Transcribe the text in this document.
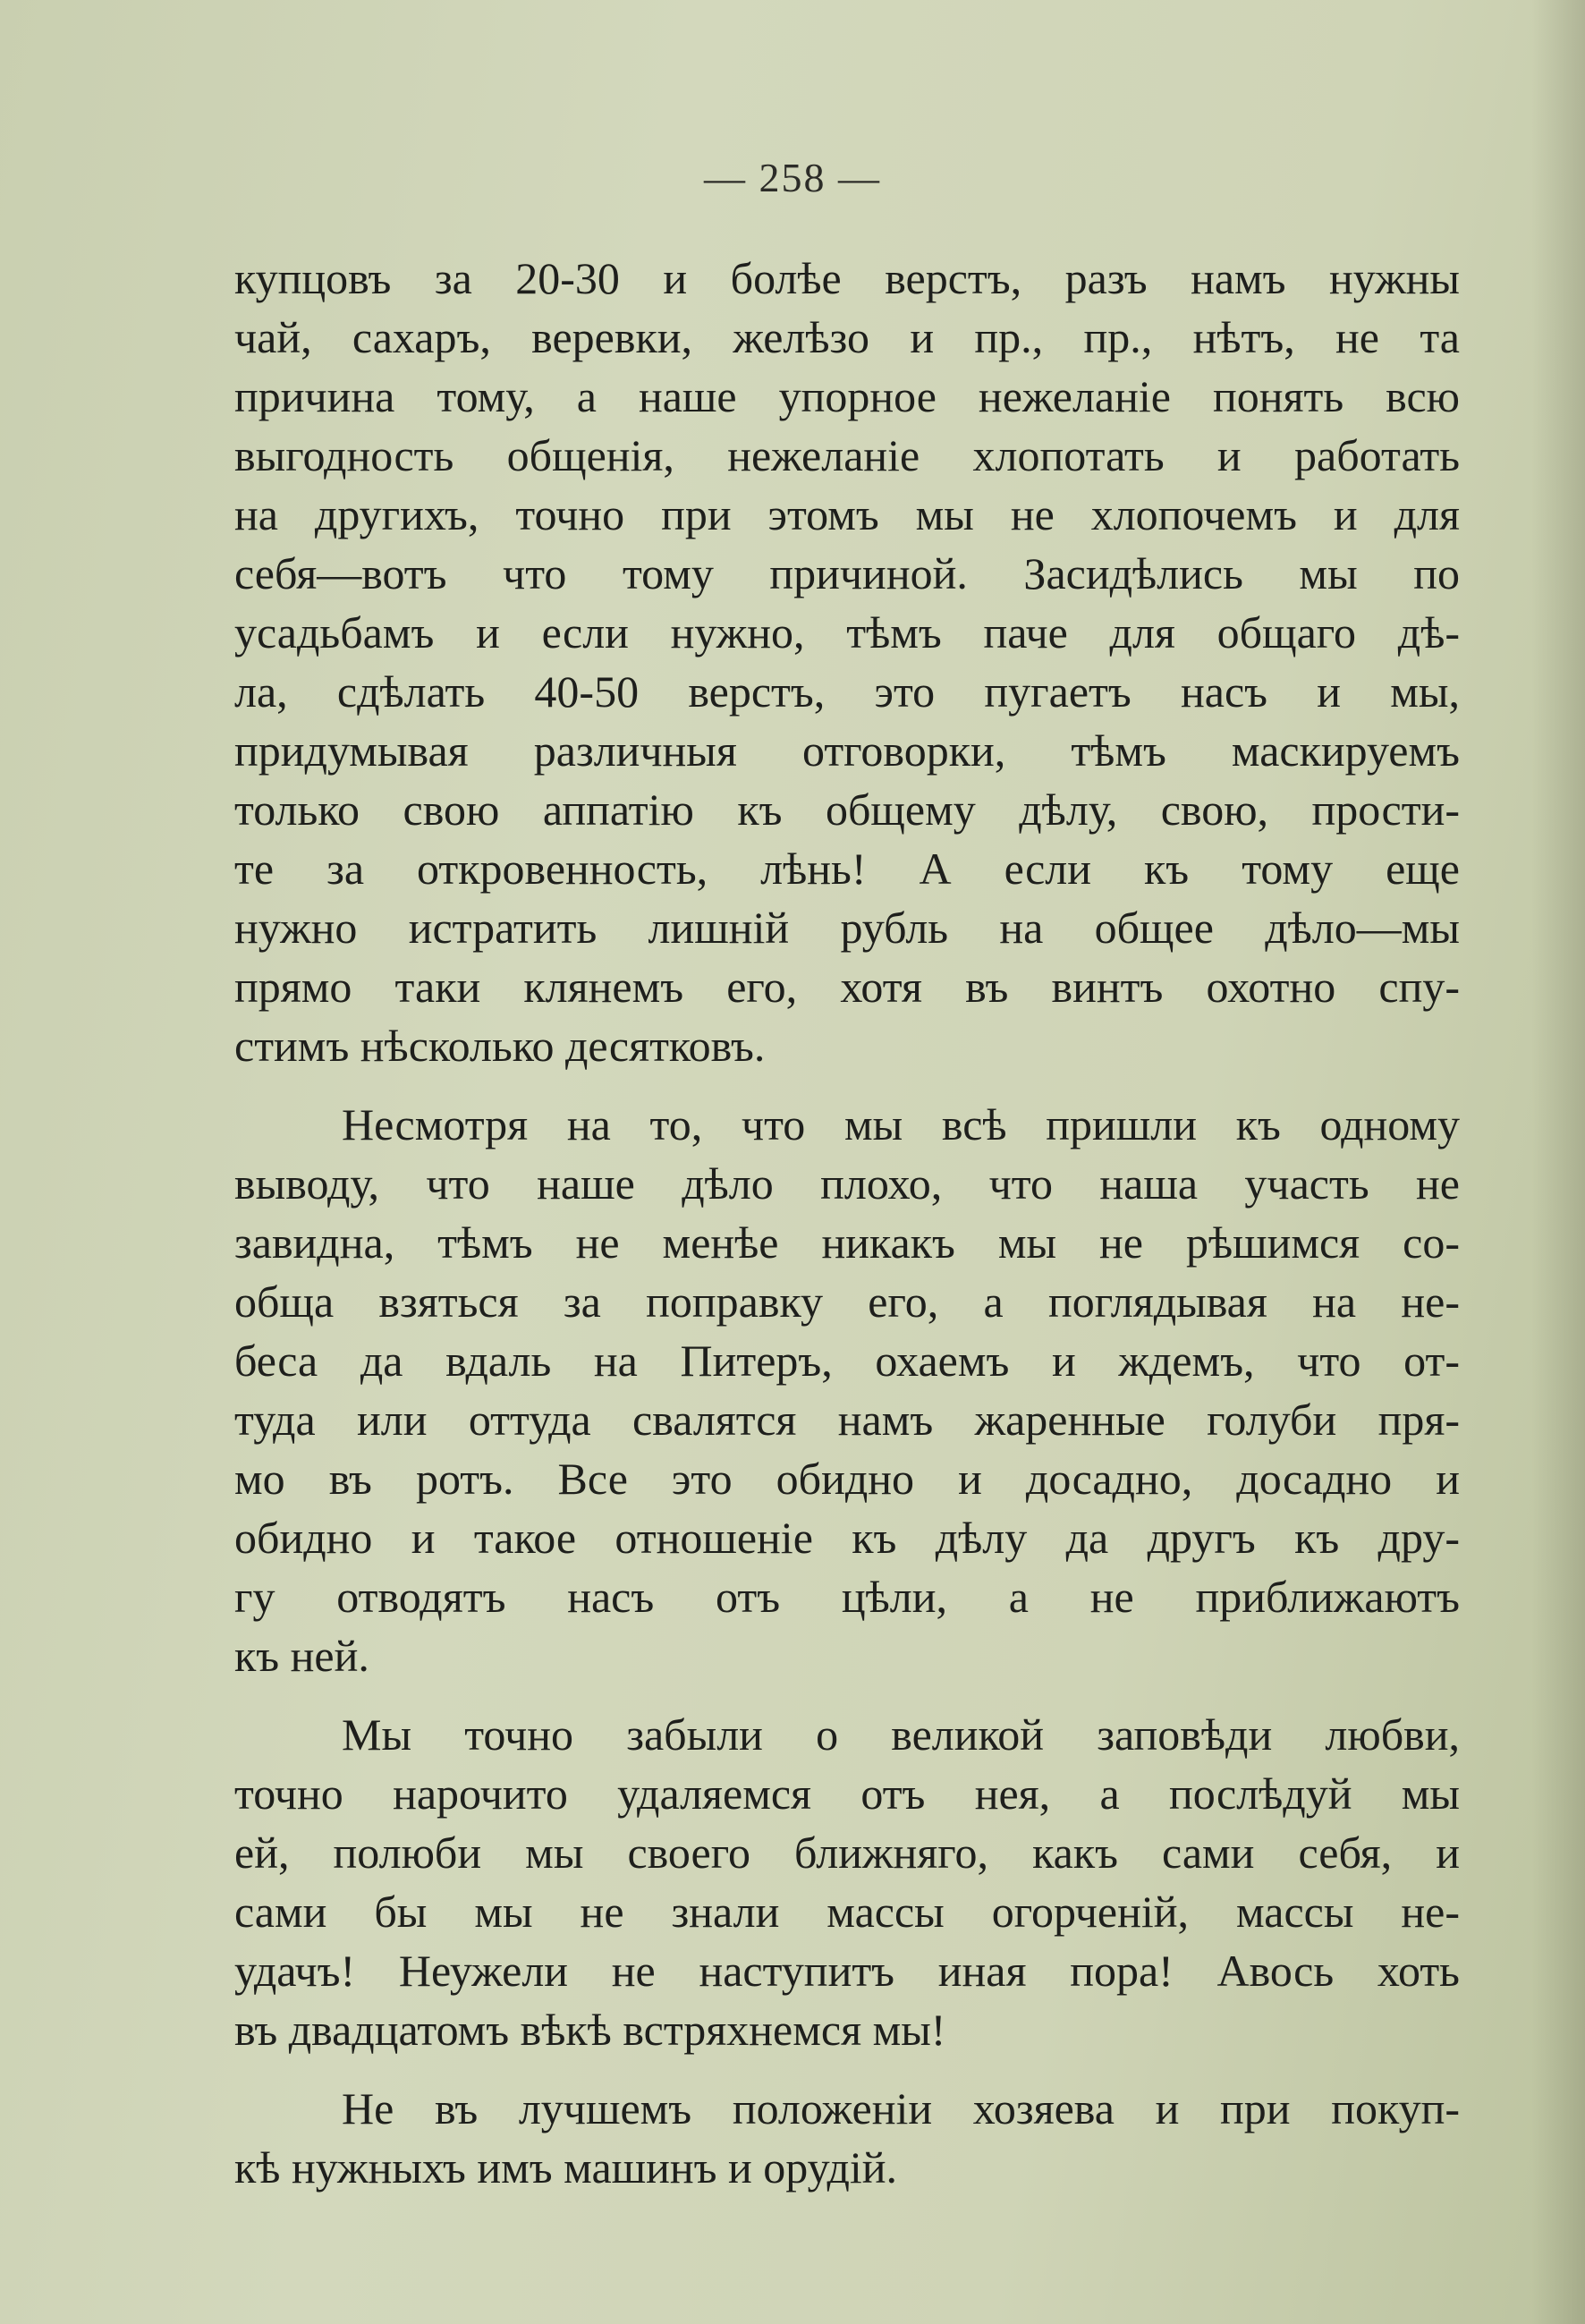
— 258 —
купцовъ за 20-30 и болѣе верстъ, разъ намъ нужны
чай, сахаръ, веревки, желѣзо и пр., пр., нѣтъ, не та
причина тому, а наше упорное нежеланіе понять всю
выгодность общенія, нежеланіе хлопотать и работать
на другихъ, точно при этомъ мы не хлопочемъ и для
себя—вотъ что тому причиной. Засидѣлись мы по
усадьбамъ и если нужно, тѣмъ паче для общаго дѣ-
ла, сдѣлать 40-50 верстъ, это пугаетъ насъ и мы,
придумывая различныя отговорки, тѣмъ маскируемъ
только свою аппатію къ общему дѣлу, свою, прости-
те за откровенность, лѣнь! А если къ тому еще
нужно истратить лишній рубль на общее дѣло—мы
прямо таки клянемъ его, хотя въ винтъ охотно спу-
стимъ нѣсколько десятковъ.
Несмотря на то, что мы всѣ пришли къ одному
выводу, что наше дѣло плохо, что наша участь не
завидна, тѣмъ не менѣе никакъ мы не рѣшимся со-
обща взяться за поправку его, а поглядывая на не-
беса да вдаль на Питеръ, охаемъ и ждемъ, что от-
туда или оттуда свалятся намъ жаренные голуби пря-
мо въ ротъ. Все это обидно и досадно, досадно и
обидно и такое отношеніе къ дѣлу да другъ къ дру-
гу отводятъ насъ отъ цѣли, а не приближаютъ
къ ней.
Мы точно забыли о великой заповѣди любви,
точно нарочито удаляемся отъ нея, а послѣдуй мы
ей, полюби мы своего ближняго, какъ сами себя, и
сами бы мы не знали массы огорченій, массы не-
удачъ! Неужели не наступитъ иная пора! Авось хоть
въ двадцатомъ вѣкѣ встряхнемся мы!
Не въ лучшемъ положеніи хозяева и при покуп-
кѣ нужныхъ имъ машинъ и орудій.
